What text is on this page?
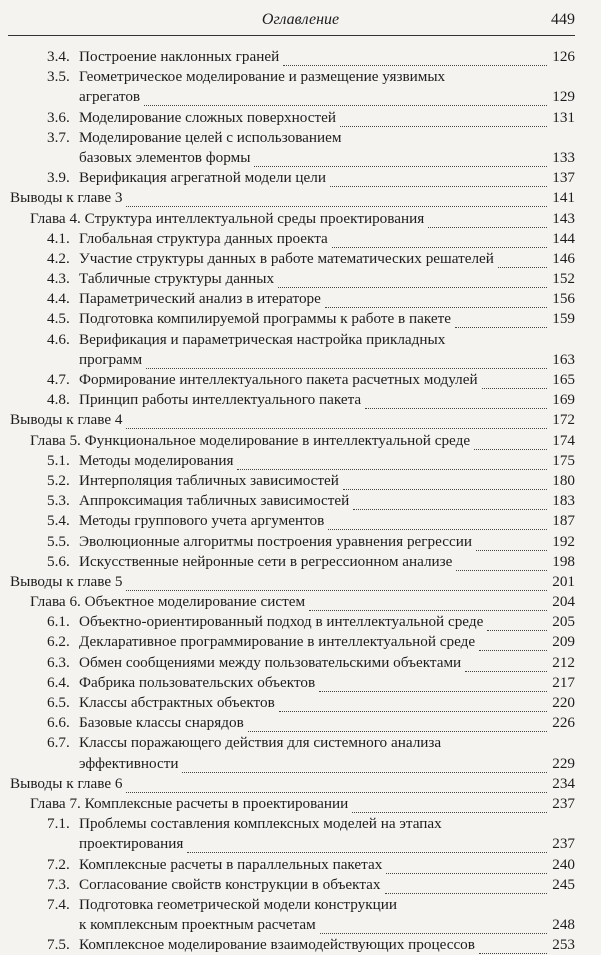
Оглавление	449
3.4. Построение наклонных граней	126
3.5. Геометрическое моделирование и размещение уязвимых
агрегатов	129
3.6. Моделирование сложных поверхностей	131
3.7. Моделирование целей с использованием
базовых элементов формы	133
3.9. Верификация агрегатной модели цели	137
Выводы к главе 3	141
Глава 4. Структура интеллектуальной среды проектирования	143
4.1. Глобальная структура данных проекта	144
4.2. Участие структуры данных в работе математических решателей	146
4.3. Табличные структуры данных	152
4.4. Параметрический анализ в итераторе	156
4.5. Подготовка компилируемой программы к работе в пакете	159
4.6. Верификация и параметрическая настройка прикладных
программ	163
4.7. Формирование интеллектуального пакета расчетных модулей	165
4.8. Принцип работы интеллектуального пакета	169
Выводы к главе 4	172
Глава 5. Функциональное моделирование в интеллектуальной среде	174
5.1. Методы моделирования	175
5.2. Интерполяция табличных зависимостей	180
5.3. Аппроксимация табличных зависимостей	183
5.4. Методы группового учета аргументов	187
5.5. Эволюционные алгоритмы построения уравнения регрессии	192
5.6. Искусственные нейронные сети в регрессионном анализе	198
Выводы к главе 5	201
Глава 6. Объектное моделирование систем	204
6.1. Объектно-ориентированный подход в интеллектуальной среде	205
6.2. Декларативное программирование в интеллектуальной среде	209
6.3. Обмен сообщениями между пользовательскими объектами	212
6.4. Фабрика пользовательских объектов	217
6.5. Классы абстрактных объектов	220
6.6. Базовые классы снарядов	226
6.7. Классы поражающего действия для системного анализа
эффективности	229
Выводы к главе 6	234
Глава 7. Комплексные расчеты в проектировании	237
7.1. Проблемы составления комплексных моделей на этапах
проектирования	237
7.2. Комплексные расчеты в параллельных пакетах	240
7.3. Согласование свойств конструкции в объектах	245
7.4. Подготовка геометрической модели конструкции
к комплексным проектным расчетам	248
7.5. Комплексное моделирование взаимодействующих процессов	253
